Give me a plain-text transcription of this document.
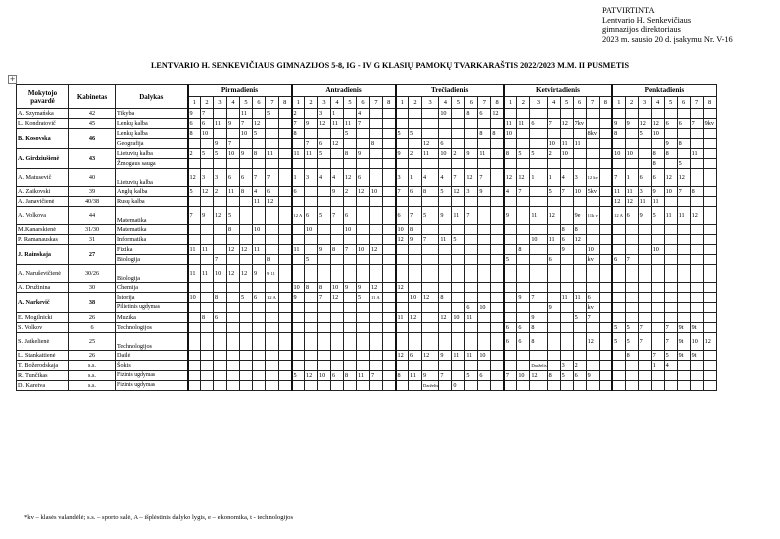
PATVIRTINTA
Lentvario H. Senkevičiaus
gimnazijos direktoriaus
2023 m. sausio 20 d. įsakymu Nr. V-16
LENTVARIO H. SENKEVIČIAUS GIMNAZIJOS 5-8, IG - IV G KLASIŲ PAMOKŲ TVARKARAŠTIS 2022/2023 M.M. II PUSMETIS
+
Mokytojo pavardė	Kabinetas	Dalykas	Pirmadienis								Antradienis								Trečiadienis								Ketvirtadienis								Penktadienis							
			1	2	3	4	5	6	7	8	1	2	3	4	5	6	7	8	1	2	3	4	5	6	7	8	1	2	3	4	5	6	7	8	1	2	3	4	5	6	7	8
A. Szymańska	42	Tikyba	9	7			11		5		2		3	1		4						10		8	6	12																
L. Kondratovič	45	Lenkų kalba	6	6	11	9	7	12			7	9	12	11	11	7											11	11	6	7	12	7kv			9	9	12	12	6	6	7	9kv
B. Kosovska	46	Lenkų kalba	8	10			10	5			8				5				5	5					8	8	10						8kv		8		5	10				
		Geografija			9	7						7	6	12			8				12	6								10	11	11							9	8		
A. Girdziušienė	43	Lietuvių kalba	2	5	5	10	9	8	11		11	11	5		8	9			9	2	11	10	2	9	11		8	5	5	2	10				10	10		8	8		11	
		Žmogaus sauga																																				8		5		
A. Matusevič	40	Lietuvių kalba	12	3	3	6	6	7	7		1	3	4	4	12	6			3	1	4	4	7	12	7		12	12	1	1	4	3	12 kv		7	1	6	6	12	12		
A. Zaikovski	39	Anglų kalba	5	12	2	11	8	4	6		6			9	2	12	10		7	6	8	5	12	3	9		4	7		5	7	10	5kv		11	11	3	9	10	7	8	
A. Janavičienė	40/38	Rusų kalba						11	12																										12	12	11	11				
A. Volkova	44	Matematika	7	9	12	5					12 A	6	5	7	6				6	7	5	9	11	7			9		11	12		9e	11k v		12 A	6	9	5	11	11	12	
M.Kanarskienė	31/30	Matematika				8		10				10			10				10	8											8	8										
P. Ramanauskas	31	Informatika																	12	9	7	11	5						10	11	6	12										
J. Rainskaja	27	Fizika	11	11		12	12	11			11		9	8	7	10	12											8			9		10					10				
		Biologija			7				8			5															5			6			kv		6	7						
A. Naruševičienė	30/26	Biologija	11	11	10	12	12	9	9 11																																	
A. Družinina	30	Chemija									10	8	8	10	9	9	12		12																							
A. Narkevič	38	Istorija	10		8		5	6	12 A		9		7	12		5	11 A			10	12	8						9	7		11	11	6									
		Pilietinis ugdymas																						6	10					9			kv									
E. Mogilnicki	26	Muzika		8	6														11	12		12	10	11					9			5	7									
S. Volkov	6	Technologijos																									6	6	8						5	5	7		7	9t	9t	
S. Jatkelienė	25	Technologijos																									6	6	8				12		5	5	7		7	9t	10	12
L. Stankaitienė	26	Dailė																	12	6	12	9	11	11	10											8		7	5	9t	9t	
T. Božerodskaja	s.s.	Šokis																											Darželis		3	2						1	4			
R. Tunčikas	s.s.	Fizinis ugdymas									5	12	10	6	8	11	7		8	11	9	7		5	6		7	10	12	8	5	6	9									
D. Kareiva	s.s.	Fizinis ugdymas																			Darželis		0																			
*kv – klasės valandėlė; s.s. – sporto salė, A – išplėstinis dalyko lygis, e – ekonomika, t - technologijos
